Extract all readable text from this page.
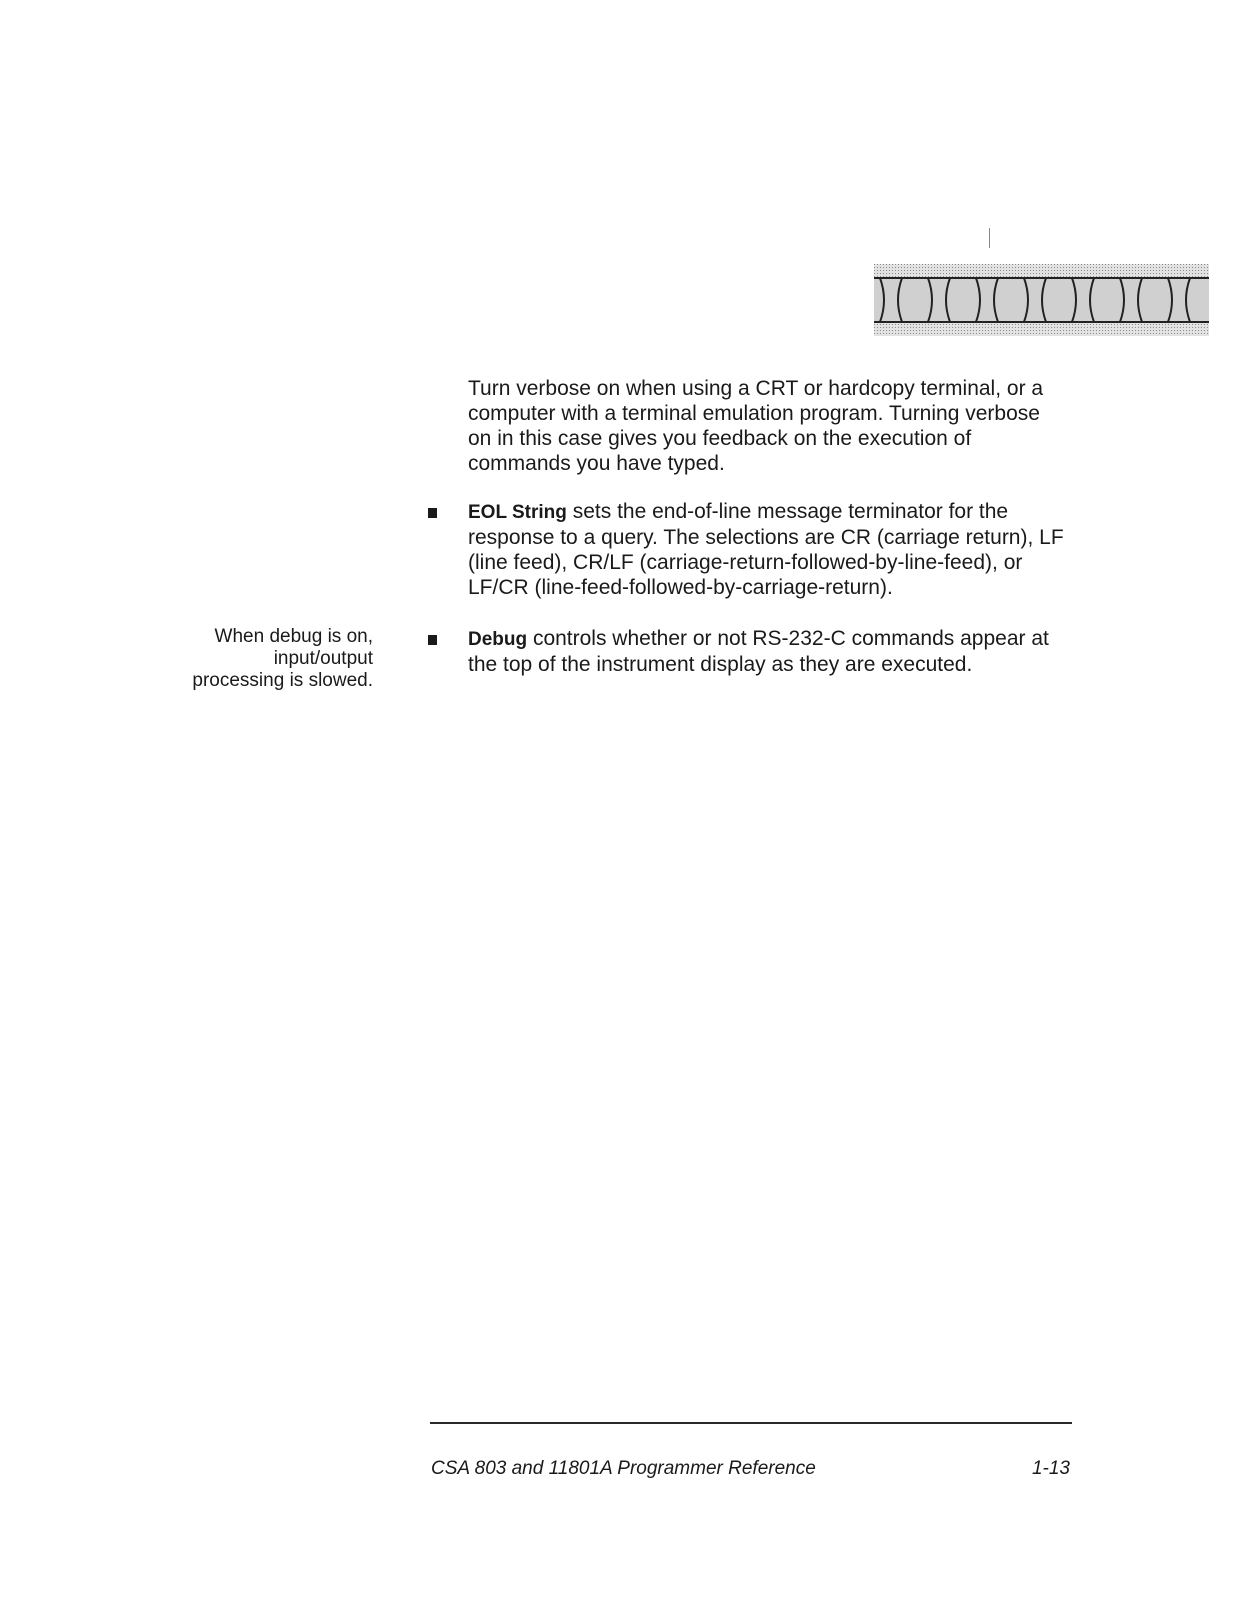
Turn verbose on when using a CRT or hardcopy terminal, or a computer with a terminal emulation program. Turning verbose on in this case gives you feedback on the execution of commands you have typed.

EOL String sets the end-of-line message terminator for the response to a query. The selections are CR (carriage return), LF (line feed), CR/LF (carriage-return-followed-by-line-feed), or LF/CR (line-feed-followed-by-carriage-return).

When debug is on, input/output processing is slowed.

Debug controls whether or not RS-232-C commands appear at the top of the instrument display as they are executed.

CSA 803 and 11801A Programmer Reference	1-13
